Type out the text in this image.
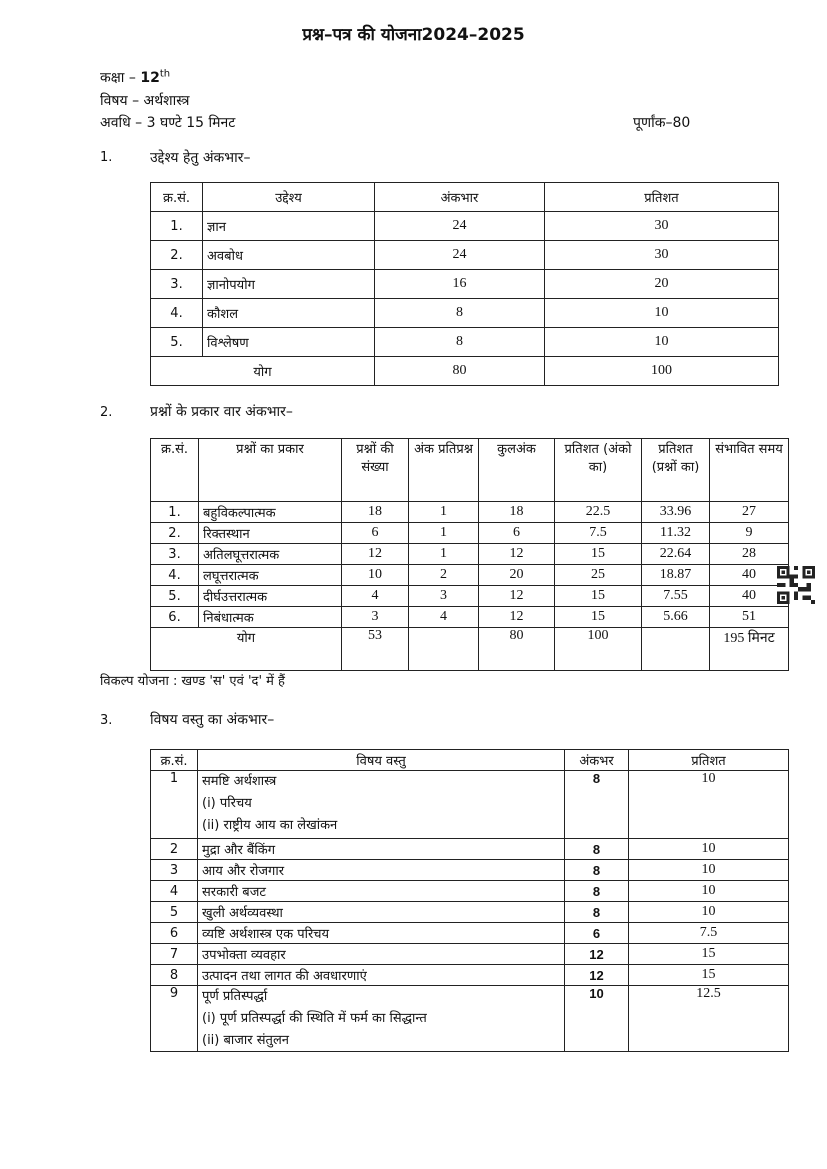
प्रश्न–पत्र की योजना2024–2025
कक्षा – 12th
विषय – अर्थशास्त्र
अवधि – 3 घण्टे 15 मिनट	पूर्णांक–80
1.	उद्देश्य हेतु अंकभार–
क्र.सं.	उद्देश्य	अंकभार	प्रतिशत
1.	ज्ञान	24	30
2.	अवबोध	24	30
3.	ज्ञानोपयोग	16	20
4.	कौशल	8	10
5.	विश्लेषण	8	10
योग		80	100
2.	प्रश्नों के प्रकार वार अंकभार–
क्र.सं.	प्रश्नों का प्रकार	प्रश्नों की संख्या	अंक प्रतिप्रश्न	कुलअंक	प्रतिशत (अंको का)	प्रतिशत (प्रश्नों का)	संभावित समय
1.	बहुविकल्पात्मक	18	1	18	22.5	33.96	27
2.	रिक्तस्थान	6	1	6	7.5	11.32	9
3.	अतिलघूत्तरात्मक	12	1	12	15	22.64	28
4.	लघूत्तरात्मक	10	2	20	25	18.87	40
5.	दीर्घउत्तरात्मक	4	3	12	15	7.55	40
6.	निबंधात्मक	3	4	12	15	5.66	51
योग		53		80	100		195 मिनट
विकल्प योजना : खण्ड 'स' एवं 'द' में हैं
3.	विषय वस्तु का अंकभार–
क्र.सं.	विषय वस्तु	अंकभर	प्रतिशत
1	समष्टि अर्थशास्त्र
(i) परिचय
(ii) राष्ट्रीय आय का लेखांकन	8	10
2	मुद्रा और बैंकिंग	8	10
3	आय और रोजगार	8	10
4	सरकारी बजट	8	10
5	खुली अर्थव्यवस्था	8	10
6	व्यष्टि अर्थशास्त्र एक परिचय	6	7.5
7	उपभोक्ता व्यवहार	12	15
8	उत्पादन तथा लागत की अवधारणाएं	12	15
9	पूर्ण प्रतिस्पर्द्धा
(i) पूर्ण प्रतिस्पर्द्धा की स्थिति में फर्म का सिद्धान्त
(ii) बाजार संतुलन	10	12.5
